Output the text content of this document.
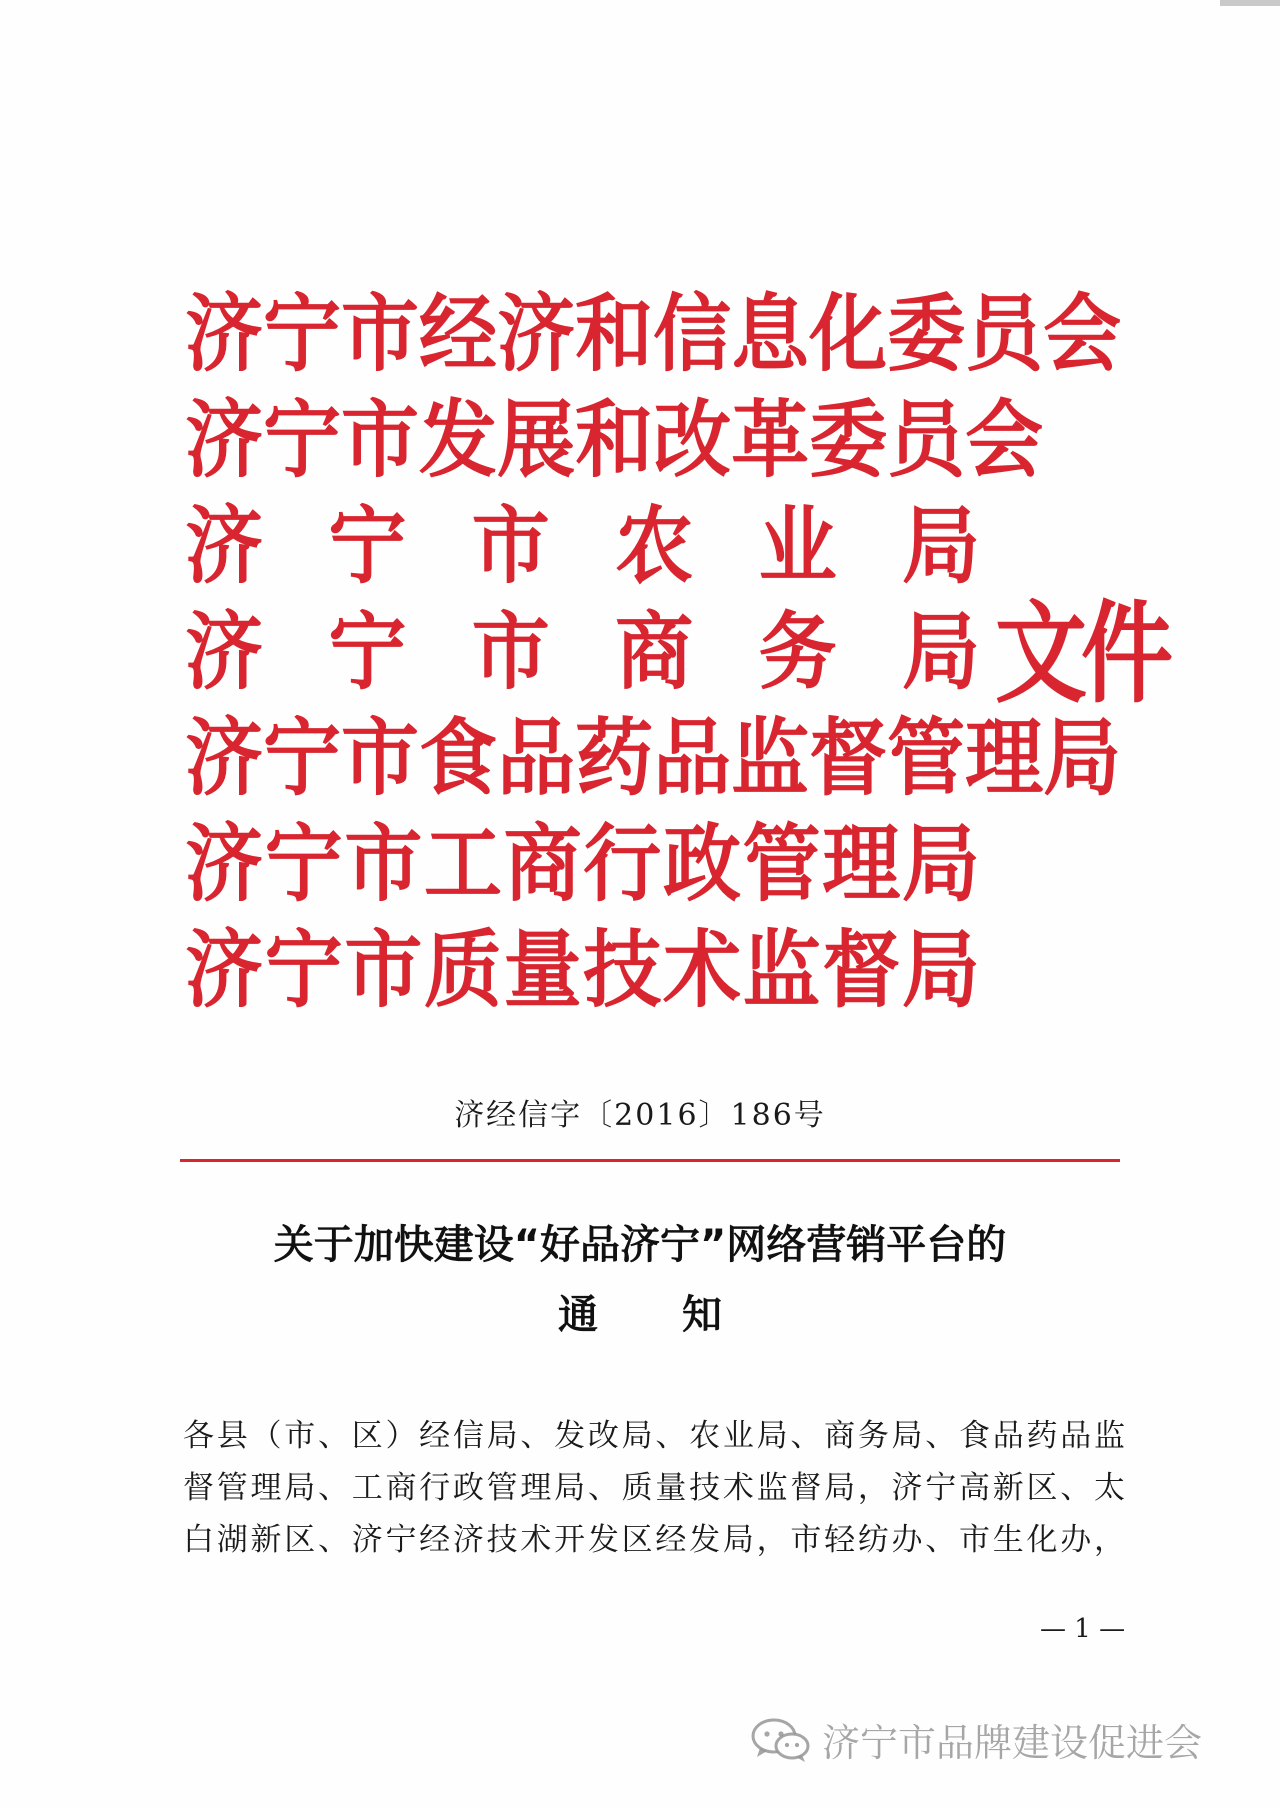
济 宁 市 经 济 和 信 息 化 委 员 会
济 宁 市 发 展 和 改 革 委 员 会
济 宁 市 农 业 局
济 宁 市 商 务 局
济 宁 市 食 品 药 品 监 督 管 理 局
济 宁 市 工 商 行 政 管 理 局
济 宁 市 质 量 技 术 监 督 局
文件
济经信字〔2016〕186号
关于加快建设“好品济宁”网络营销平台的
通知

各县（市、区）经信局、发改局、农业局、商务局、食品药品监

督管理局、工商行政管理局、质量技术监督局，济宁高新区、太

白湖新区、济宁经济技术开发区经发局，市轻纺办、市生化办，

— 1 —
济宁市品牌建设促进会
